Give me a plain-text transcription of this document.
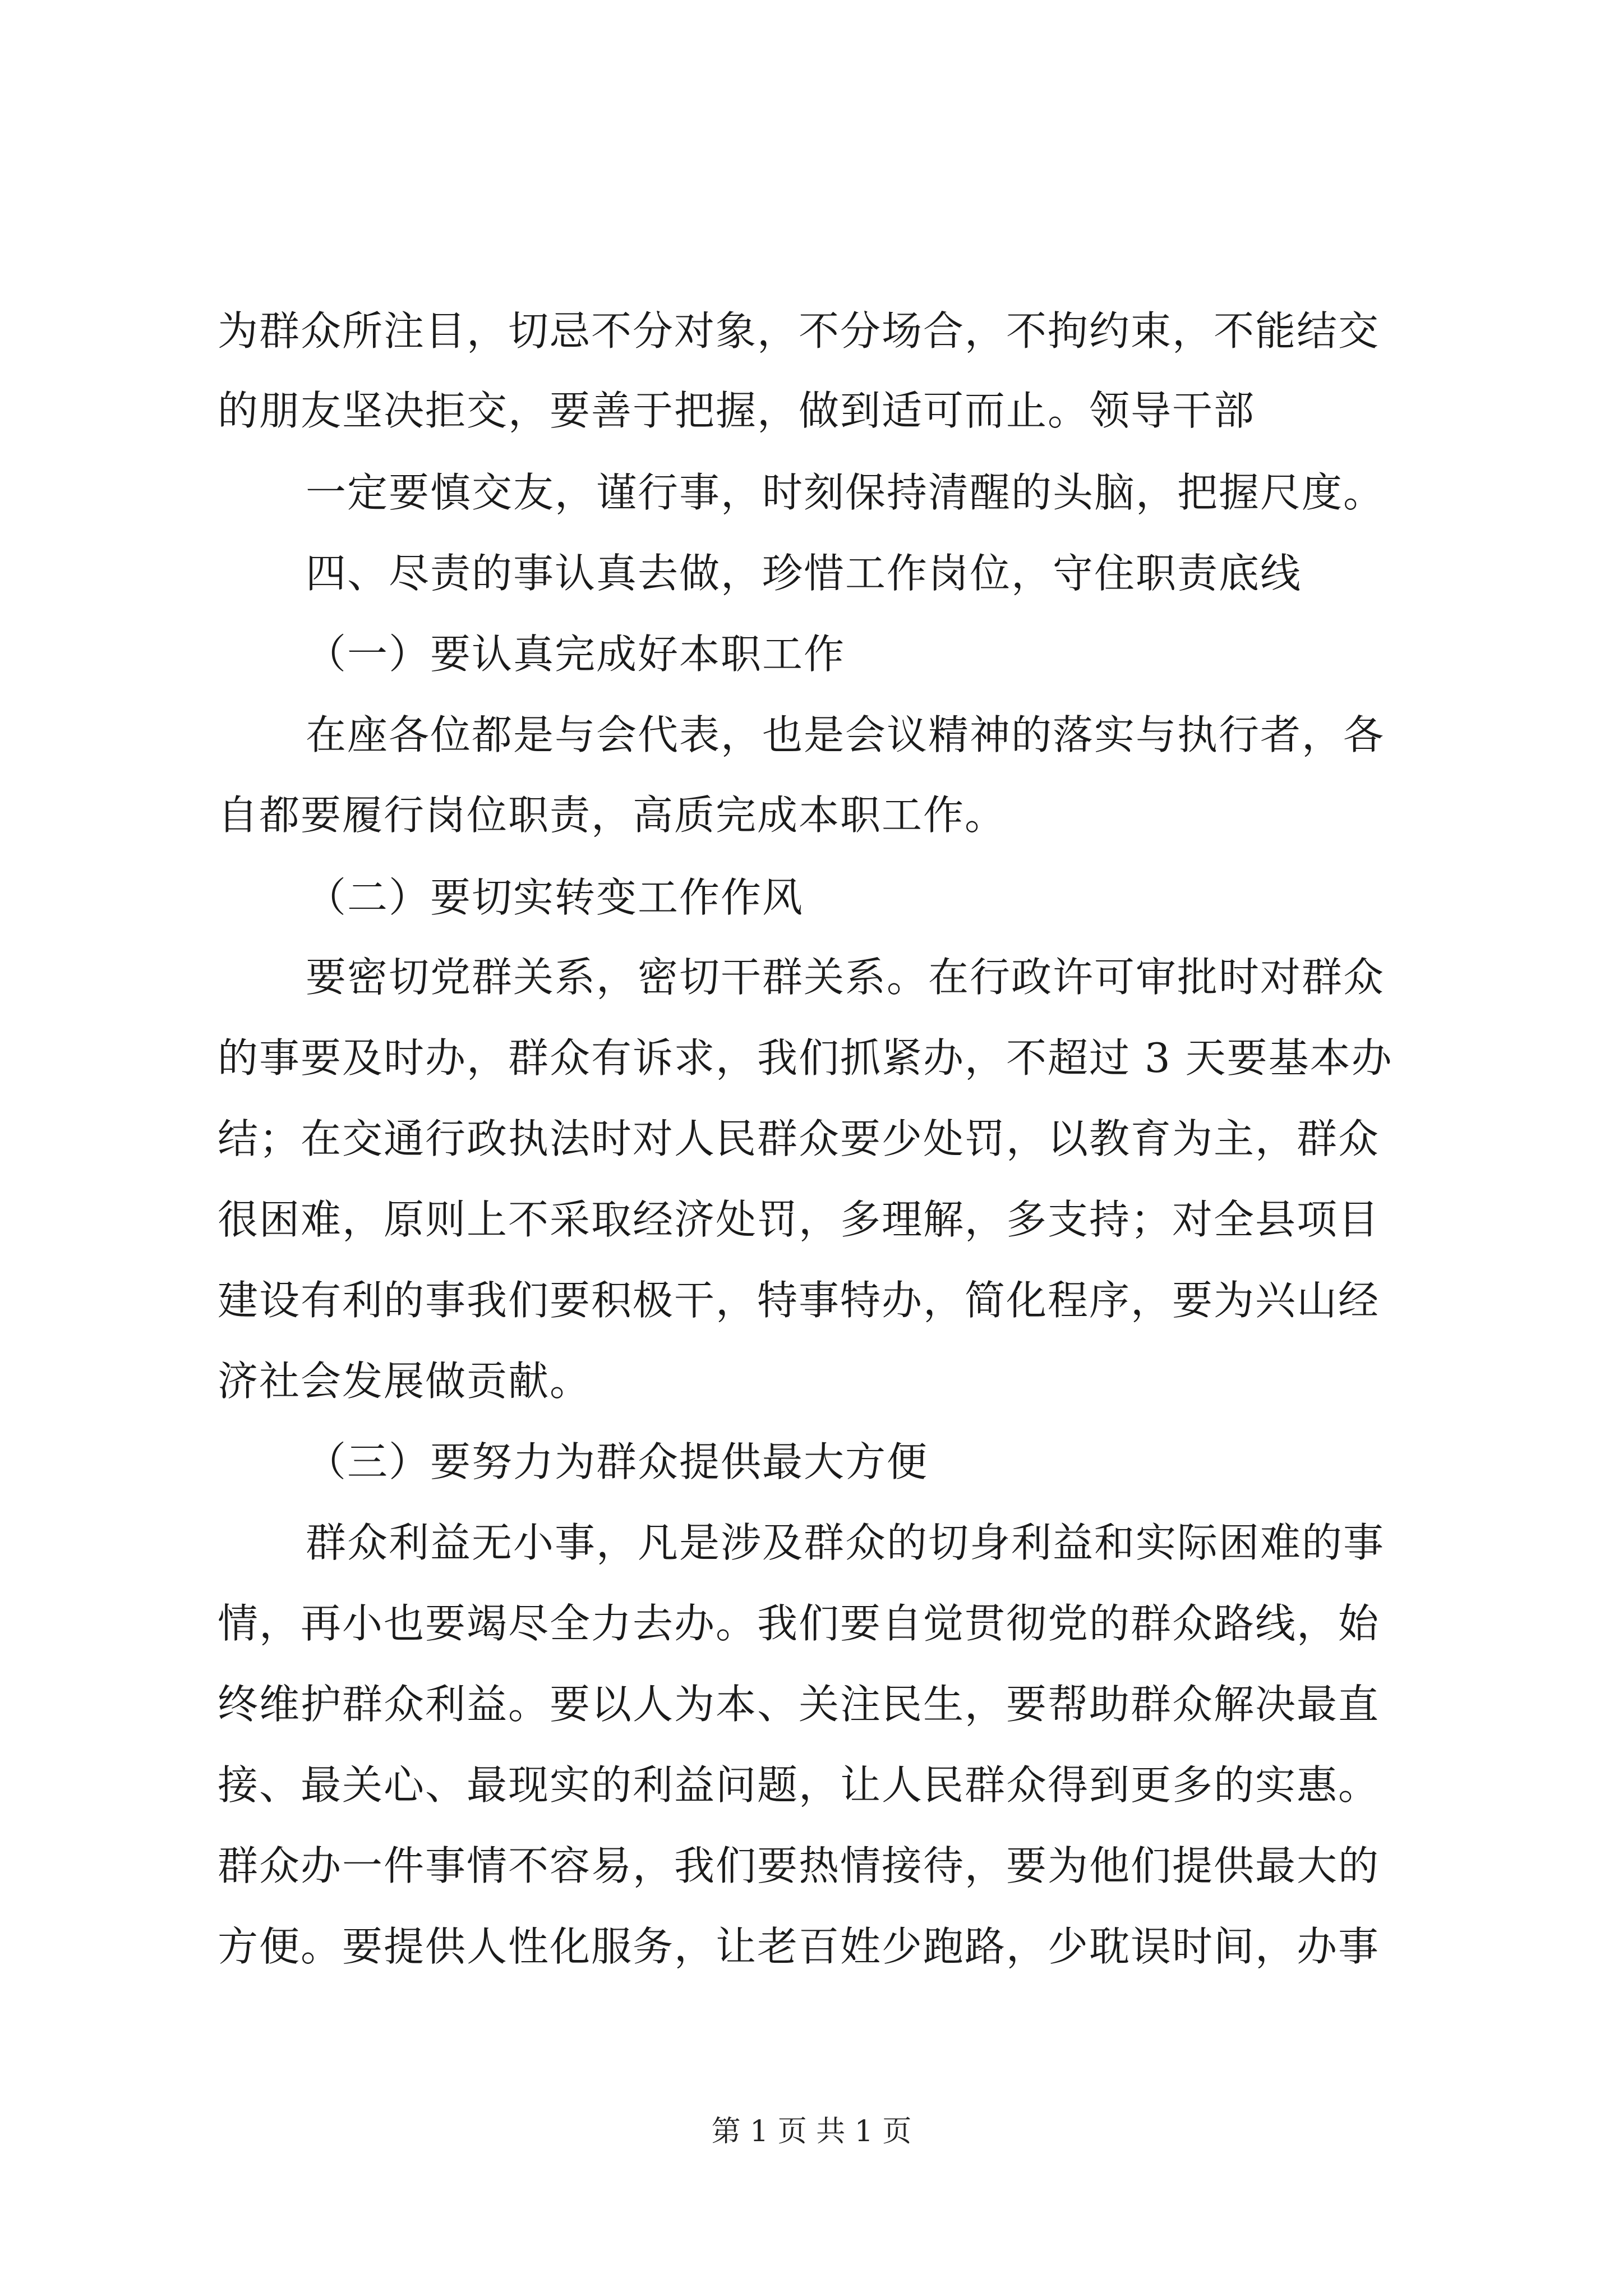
为群众所注目，切忌不分对象，不分场合，不拘约束，不能结交
的朋友坚决拒交，要善于把握，做到适可而止。领导干部
一定要慎交友，谨行事，时刻保持清醒的头脑，把握尺度。
四、尽责的事认真去做，珍惜工作岗位，守住职责底线
（一）要认真完成好本职工作
在座各位都是与会代表，也是会议精神的落实与执行者，各
自都要履行岗位职责，高质完成本职工作。
（二）要切实转变工作作风
要密切党群关系，密切干群关系。在行政许可审批时对群众
的事要及时办，群众有诉求，我们抓紧办，不超过 3 天要基本办
结；在交通行政执法时对人民群众要少处罚，以教育为主，群众
很困难，原则上不采取经济处罚，多理解，多支持；对全县项目
建设有利的事我们要积极干，特事特办，简化程序，要为兴山经
济社会发展做贡献。
（三）要努力为群众提供最大方便
群众利益无小事，凡是涉及群众的切身利益和实际困难的事
情，再小也要竭尽全力去办。我们要自觉贯彻党的群众路线，始
终维护群众利益。要以人为本、关注民生，要帮助群众解决最直
接、最关心、最现实的利益问题，让人民群众得到更多的实惠。
群众办一件事情不容易，我们要热情接待，要为他们提供最大的
方便。要提供人性化服务，让老百姓少跑路，少耽误时间，办事
第 1 页 共 1 页
